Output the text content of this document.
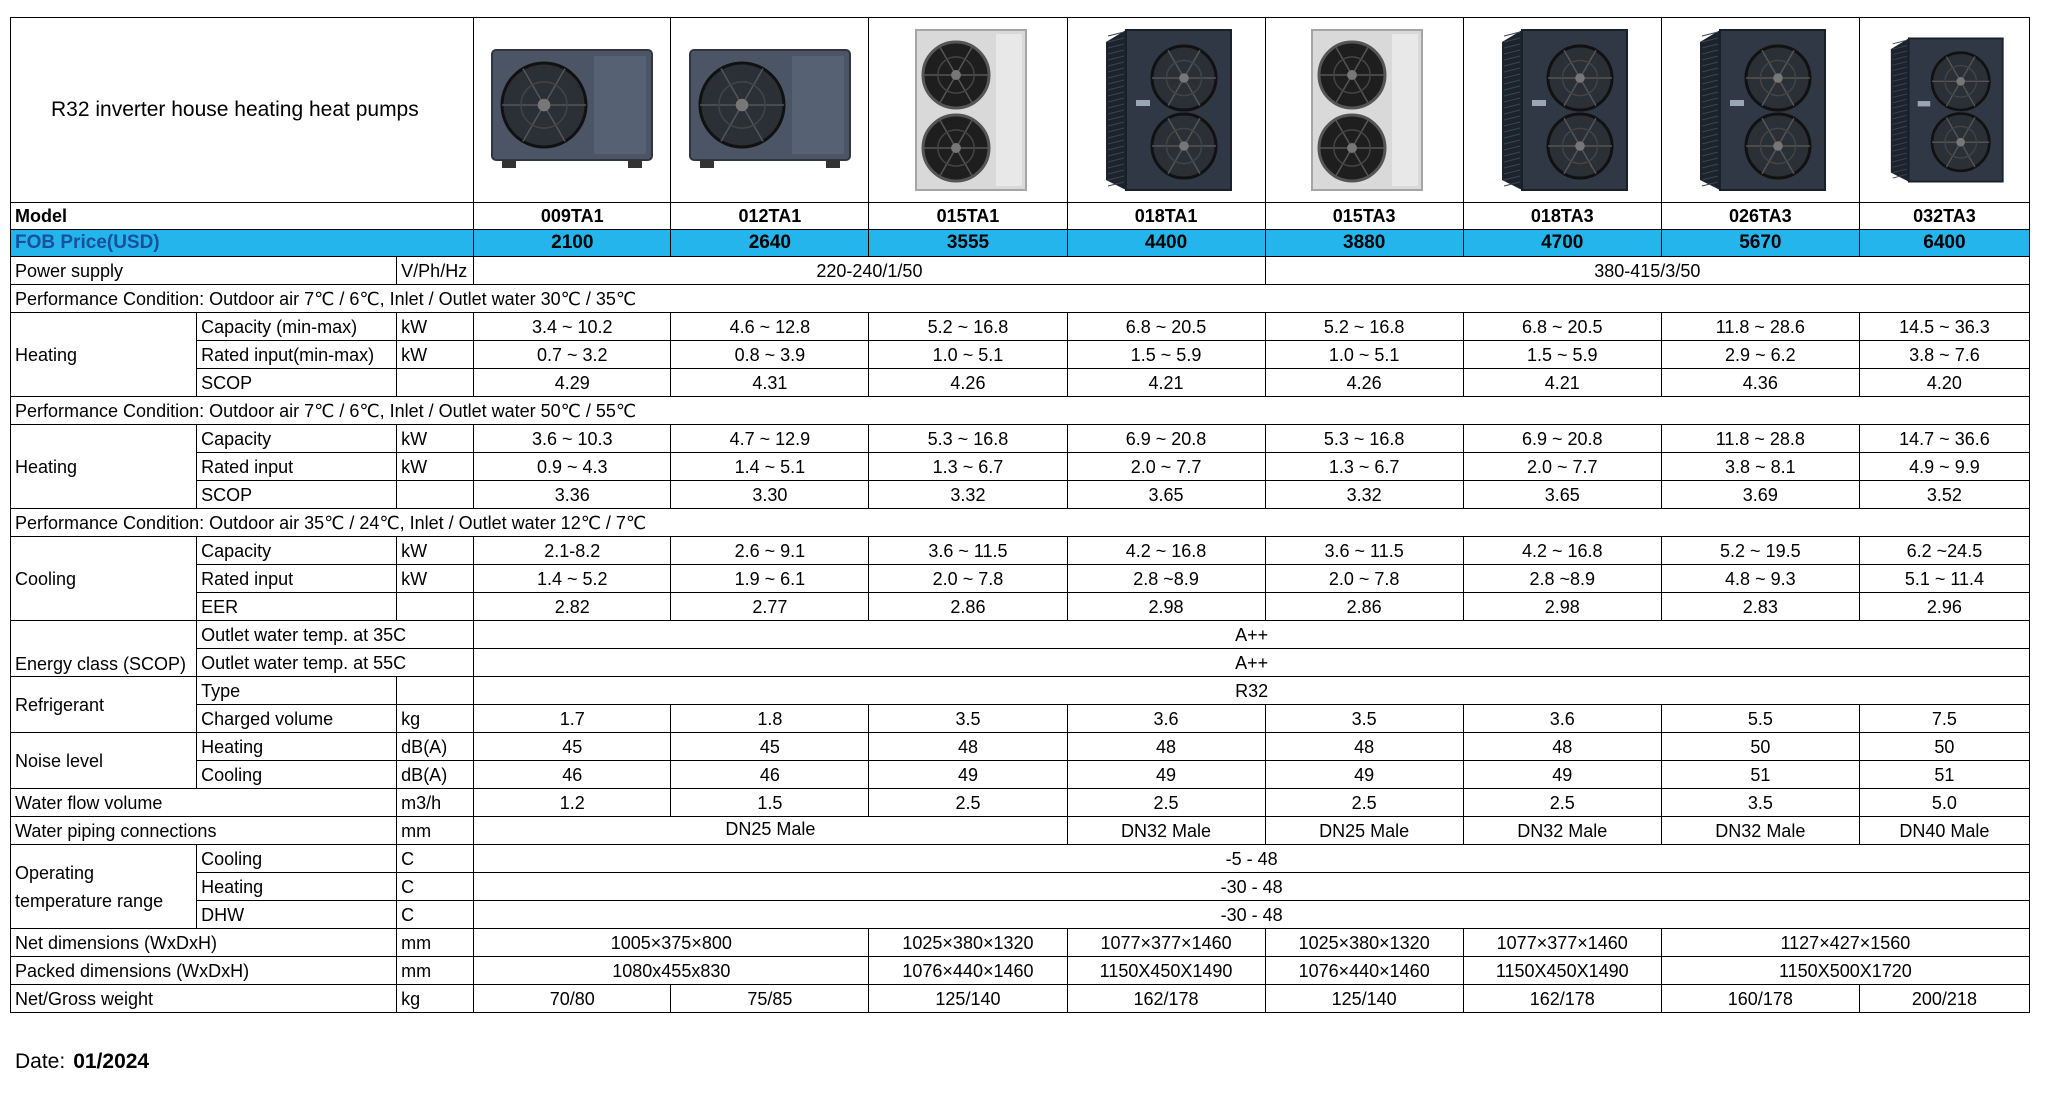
R32 inverter house heating heat pumps	

Model			009TA1	012TA1	015TA1	018TA1	015TA3	018TA3	026TA3	032TA3
FOB Price(USD)			2100	2640	3555	4400	3880	4700	5670	6400
Power supply		V/Ph/Hz	220-240/1/50				380-415/3/50			
Performance Condition: Outdoor air 7℃ / 6℃, Inlet / Outlet water 30℃ / 35℃										
Heating	Capacity (min-max)	kW	3.4 ~ 10.2	4.6 ~ 12.8	5.2 ~ 16.8	6.8 ~ 20.5	5.2 ~ 16.8	6.8 ~ 20.5	11.8 ~ 28.6	14.5 ~ 36.3
	Rated input(min-max)	kW	0.7 ~ 3.2	0.8 ~ 3.9	1.0 ~ 5.1	1.5 ~ 5.9	1.0 ~ 5.1	1.5 ~ 5.9	2.9 ~ 6.2	3.8 ~ 7.6
	SCOP		4.29	4.31	4.26	4.21	4.26	4.21	4.36	4.20
Performance Condition: Outdoor air 7℃ / 6℃, Inlet / Outlet water 50℃ / 55℃										
Heating	Capacity	kW	3.6 ~ 10.3	4.7 ~ 12.9	5.3 ~ 16.8	6.9 ~ 20.8	5.3 ~ 16.8	6.9 ~ 20.8	11.8 ~ 28.8	14.7 ~ 36.6
	Rated input	kW	0.9 ~ 4.3	1.4 ~ 5.1	1.3 ~ 6.7	2.0 ~ 7.7	1.3 ~ 6.7	2.0 ~ 7.7	3.8 ~ 8.1	4.9 ~ 9.9
	SCOP		3.36	3.30	3.32	3.65	3.32	3.65	3.69	3.52
Performance Condition: Outdoor air 35℃ / 24℃, Inlet / Outlet water 12℃ / 7℃										
Cooling	Capacity	kW	2.1-8.2	2.6 ~ 9.1	3.6 ~ 11.5	4.2 ~ 16.8	3.6 ~ 11.5	4.2 ~ 16.8	5.2 ~ 19.5	6.2 ~24.5
	Rated input	kW	1.4 ~ 5.2	1.9 ~ 6.1	2.0 ~ 7.8	2.8 ~8.9	2.0 ~ 7.8	2.8 ~8.9	4.8 ~ 9.3	5.1 ~ 11.4
	EER		2.82	2.77	2.86	2.98	2.86	2.98	2.83	2.96
Energy class (SCOP)	Outlet water temp. at 35C		A++							
	Outlet water temp. at 55C		A++							
Refrigerant	Type		R32							
	Charged volume	kg	1.7	1.8	3.5	3.6	3.5	3.6	5.5	7.5
Noise level	Heating	dB(A)	45	45	48	48	48	48	50	50
	Cooling	dB(A)	46	46	49	49	49	49	51	51
Water flow volume		m3/h	1.2	1.5	2.5	2.5	2.5	2.5	3.5	5.0
Water piping connections		mm	DN25 Male			DN32 Male	DN25 Male	DN32 Male	DN32 Male	DN40 Male

Operating
temperature range	Cooling	C	-5 - 48							
	Heating	C	-30 - 48							
	DHW	C	-30 - 48							
Net dimensions (WxDxH)		mm	1005×375×800		1025×380×1320	1077×377×1460	1025×380×1320	1077×377×1460	1127×427×1560	
Packed dimensions (WxDxH)		mm	1080x455x830		1076×440×1460	1150X450X1490	1076×440×1460	1150X450X1490	1150X500X1720	
Net/Gross weight		kg	70/80	75/85	125/140	162/178	125/140	162/178	160/178	200/218
Date: 01/2024
